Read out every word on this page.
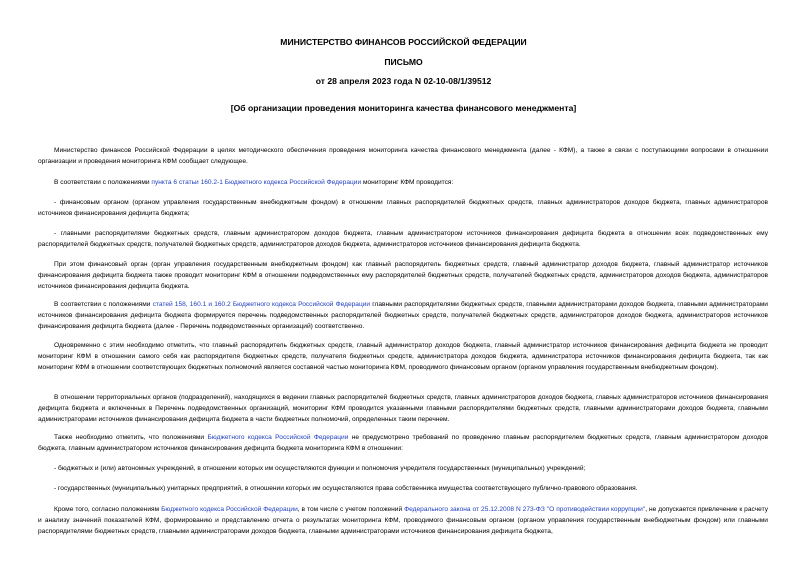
МИНИСТЕРСТВО ФИНАНСОВ РОССИЙСКОЙ ФЕДЕРАЦИИ
ПИСЬМО
от 28 апреля 2023 года N 02-10-08/1/39512
[Об организации проведения мониторинга качества финансового менеджмента]

Министерство финансов Российской Федерации в целях методического обеспечения проведения мониторинга качества финансового менеджмента (далее - КФМ), а также в связи с поступающими вопросами в отношении организации и проведения мониторинга КФМ сообщает следующее.

В соответствии с положениями пункта 6 статьи 160.2-1 Бюджетного кодекса Российской Федерации мониторинг КФМ проводится:

- финансовым органом (органом управления государственным внебюджетным фондом) в отношении главных распорядителей бюджетных средств, главных администраторов доходов бюджета, главных администраторов источников финансирования дефицита бюджета;

- главными распорядителями бюджетных средств, главным администратором доходов бюджета, главным администратором источников финансирования дефицита бюджета в отношении всех подведомственных ему распорядителей бюджетных средств, получателей бюджетных средств, администраторов доходов бюджета, администраторов источников финансирования дефицита бюджета.

При этом финансовый орган (орган управления государственным внебюджетным фондом) как главный распорядитель бюджетных средств, главный администратор доходов бюджета, главный администратор источников финансирования дефицита бюджета также проводит мониторинг КФМ в отношении подведомственных ему распорядителей бюджетных средств, получателей бюджетных средств, администраторов доходов бюджета, администраторов источников финансирования дефицита бюджета.

В соответствии с положениями статей 158, 160.1 и 160.2 Бюджетного кодекса Российской Федерации главными распорядителями бюджетных средств, главными администраторами доходов бюджета, главными администраторами источников финансирования дефицита бюджета формируется перечень подведомственных распорядителей бюджетных средств, получателей бюджетных средств, администраторов доходов бюджета, администраторов источников финансирования дефицита бюджета (далее - Перечень подведомственных организаций) соответственно.

Одновременно с этим необходимо отметить, что главный распорядитель бюджетных средств, главный администратор доходов бюджета, главный администратор источников финансирования дефицита бюджета не проводит мониторинг КФМ в отношении самого себя как распорядителя бюджетных средств, получателя бюджетных средств, администратора доходов бюджета, администратора источников финансирования дефицита бюджета, так как мониторинг КФМ в отношении соответствующих бюджетных полномочий является составной частью мониторинга КФМ, проводимого финансовым органом (органом управления государственным внебюджетным фондом).

В отношении территориальных органов (подразделений), находящихся в ведении главных распорядителей бюджетных средств, главных администраторов доходов бюджета, главных администраторов источников финансирования дефицита бюджета и включенных в Перечень подведомственных организаций, мониторинг КФМ проводится указанными главными распорядителями бюджетных средств, главными администраторами доходов бюджета, главными администраторами источников финансирования дефицита бюджета в части бюджетных полномочий, определенных таким перечнем.

Также необходимо отметить, что положениями Бюджетного кодекса Российской Федерации не предусмотрено требований по проведению главным распорядителем бюджетных средств, главным администратором доходов бюджета, главным администратором источников финансирования дефицита бюджета мониторинга КФМ в отношении:

- бюджетных и (или) автономных учреждений, в отношении которых им осуществляются функции и полномочия учредителя государственных (муниципальных) учреждений;

- государственных (муниципальных) унитарных предприятий, в отношении которых им осуществляются права собственника имущества соответствующего публично-правового образования.

Кроме того, согласно положениям Бюджетного кодекса Российской Федерации, в том числе с учетом положений Федерального закона от 25.12.2008 N 273-ФЗ "О противодействии коррупции", не допускается привлечение к расчету и анализу значений показателей КФМ, формированию и представлению отчета о результатах мониторинга КФМ, проводимого финансовым органом (органом управления государственным внебюджетным фондом) или главными распорядителями бюджетных средств, главными администраторами доходов бюджета, главными администраторами источников финансирования дефицита бюджета,
